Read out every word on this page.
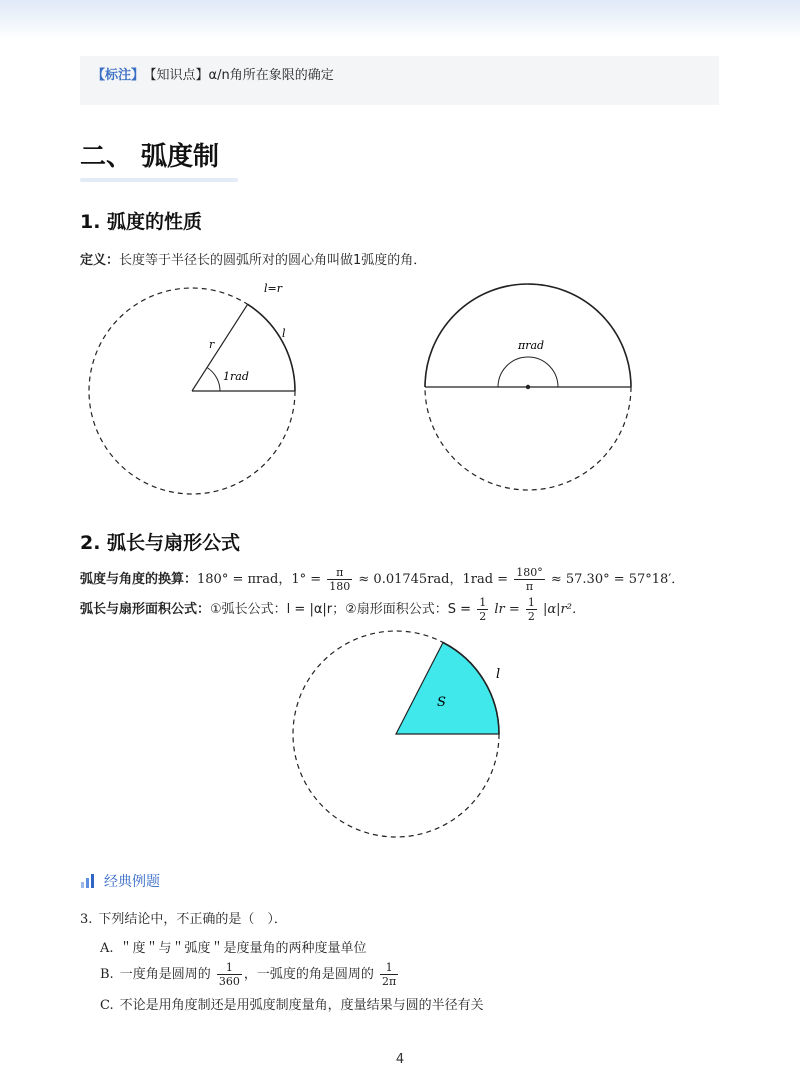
【标注】 【知识点】α/n角所在象限的确定
二、 弧度制
1. 弧度的性质
定义：长度等于半径长的圆弧所对的圆心角叫做1弧度的角．
l=r
r
l
1rad
πrad
2. 弧长与扇形公式
弧度与角度的换算：180° = πrad，$1^\circ = \frac{\pi}{180} \approx 0.01745rad$，$1rad = \frac{180^\circ}{\pi} \approx 57.30^\circ = 57^\circ 18'$．
弧长与扇形面积公式：①弧长公式：l = |α|r；②扇形面积公式：$S = \frac{1}{2}$ lr = $\frac{1}{2} |\alpha|r^2$．
S
l
经典例题
3. 下列结论中，不正确的是（　）．
A. ＂度＂与＂弧度＂是度量角的两种度量单位
B. 一度角是圆周的 $\frac{1}{360}$ ，一弧度的角是圆周的 $\frac{1}{2\pi}$
C. 不论是用角度制还是用弧度制度量角，度量结果与圆的半径有关
4
